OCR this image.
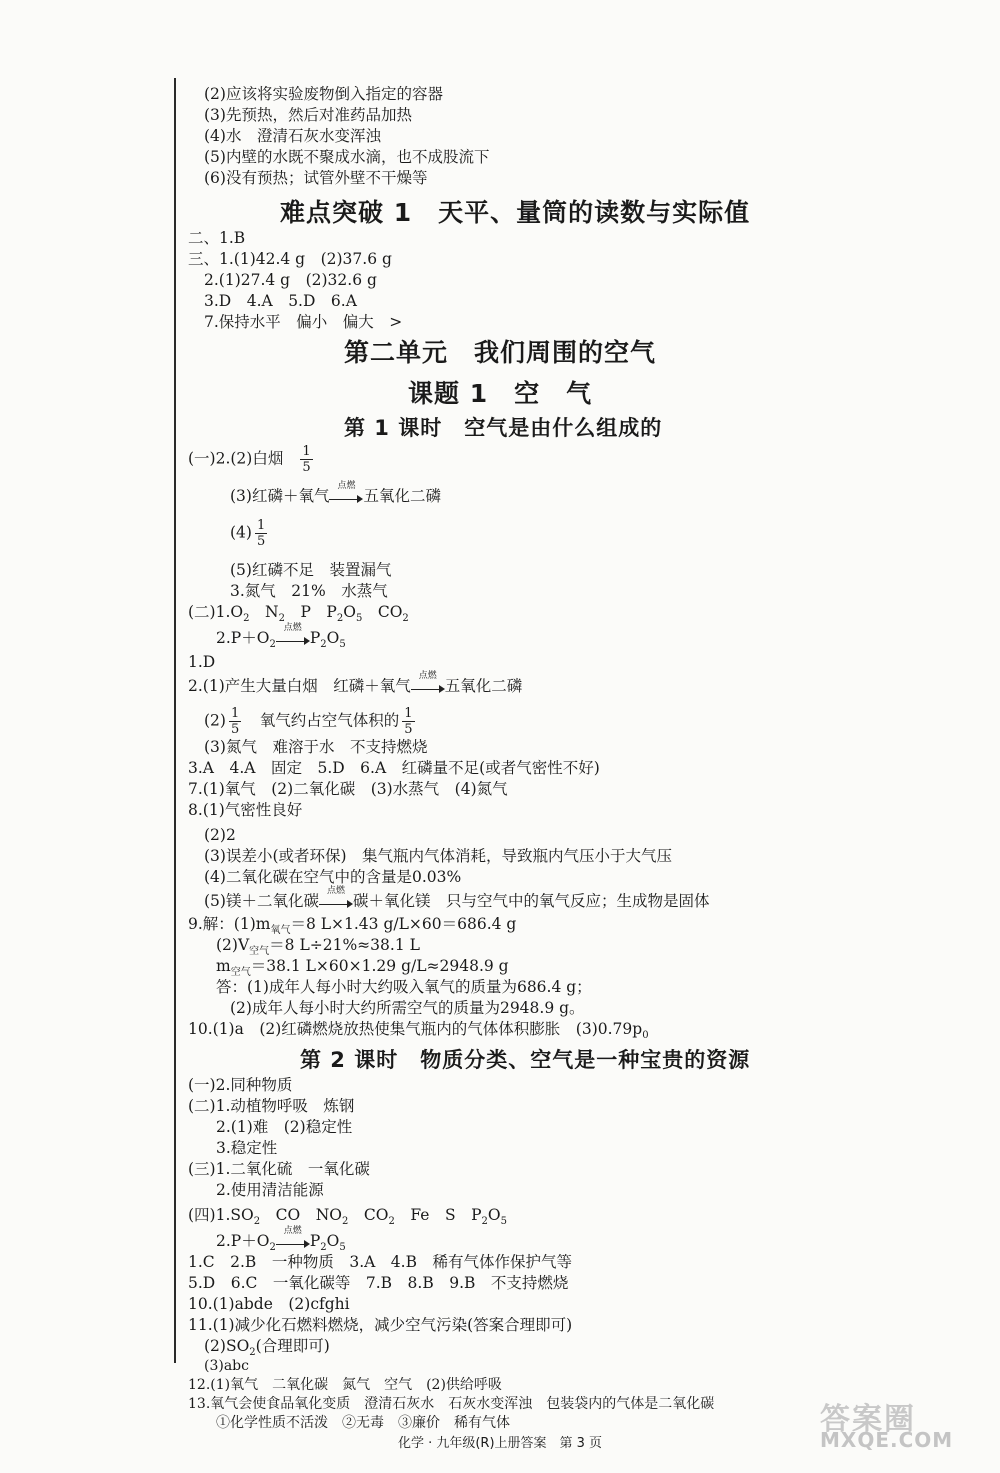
(2)应该将实验废物倒入指定的容器
(3)先预热，然后对准药品加热
(4)水　澄清石灰水变浑浊
(5)内壁的水既不聚成水滴，也不成股流下
(6)没有预热；试管外壁不干燥等
难点突破 1　天平、量筒的读数与实际值
二、1.B
三、1.(1)42.4 g　(2)37.6 g
2.(1)27.4 g　(2)32.6 g
3.D　4.A　5.D　6.A
7.保持水平　偏小　偏大　>
第二单元　我们周围的空气
课题 1　空　气
第 1 课时　空气是由什么组成的
(一)2.(2)白烟 $\frac{1}{5}$
(3)红磷＋氧气
点燃
五氧化二磷
$(4) \frac{1}{5}$
(5)红磷不足　装置漏气
3.氮气　21%　水蒸气
(二)$1.O_2$　 $N_2$　 P　 $P_2O_5$　 $CO_2$
$2.P+O_2$
点燃
$P_2O_5$
1.D
2.(1)产生大量白烟　红磷＋氧气
点燃
五氧化二磷
$(2) \frac{1}{5}$
　 氧气约占空气体积的 $\frac{1}{5}$
(3)氮气　难溶于水　不支持燃烧
3.A　4.A　固定　5.D　6.A　红磷量不足(或者气密性不好)
7.(1)氧气　(2)二氧化碳　(3)水蒸气　(4)氮气
8.(1)气密性良好
(2)2
(3)误差小(或者环保)　集气瓶内气体消耗，导致瓶内气压小于大气压
(4)二氧化碳在空气中的含量是0.03%
(5)镁＋二氧化碳
点燃
碳＋氧化镁　只与空气中的氧气反应；生成物是固体
9.解：$(1)m_{氧气}=8$ L×1.43 g/L×60＝686.4 g
$(2)V_{空气}=8$ L÷21%≈38.1 L
$m_{空气}=38.1$ L×60×1.29 g/L≈2948.9 g
答：(1)成年人每小时大约吸入氧气的质量为686.4 g；
(2)成年人每小时大约所需空气的质量为2948.9 g。
10.(1)a　(2)红磷燃烧放热使集气瓶内的气体体积膨胀　$(3)0.79p_0$
第 2 课时　物质分类、空气是一种宝贵的资源
(一)2.同种物质
(二)1.动植物呼吸　炼钢
2.(1)难　(2)稳定性
3.稳定性
(三)1.二氧化硫　一氧化碳
2.使用清洁能源
(四)$1.SO_2$　 CO　 $NO_2$　 $CO_2$　 Fe　 S　 $P_2O_5$
$2.P+O_2$
点燃
$P_2O_5$
1.C　2.B　一种物质　3.A　4.B　稀有气体作保护气等
5.D　6.C　一氧化碳等　7.B　8.B　9.B　不支持燃烧
10.(1)abde　(2)cfghi
11.(1)减少化石燃料燃烧，减少空气污染(答案合理即可)
$(2)SO_2$(合理即可)
(3)abc
化学 · 九年级(R)上册答案　第 3 页
答案圈
MXQE.COM
12.(1)氧气　二氧化碳　氮气　空气　(2)供给呼吸
13.氧气会使食品氧化变质　澄清石灰水　石灰水变浑浊　包装袋内的气体是二氧化碳
①化学性质不活泼　②无毒　③廉价　稀有气体
